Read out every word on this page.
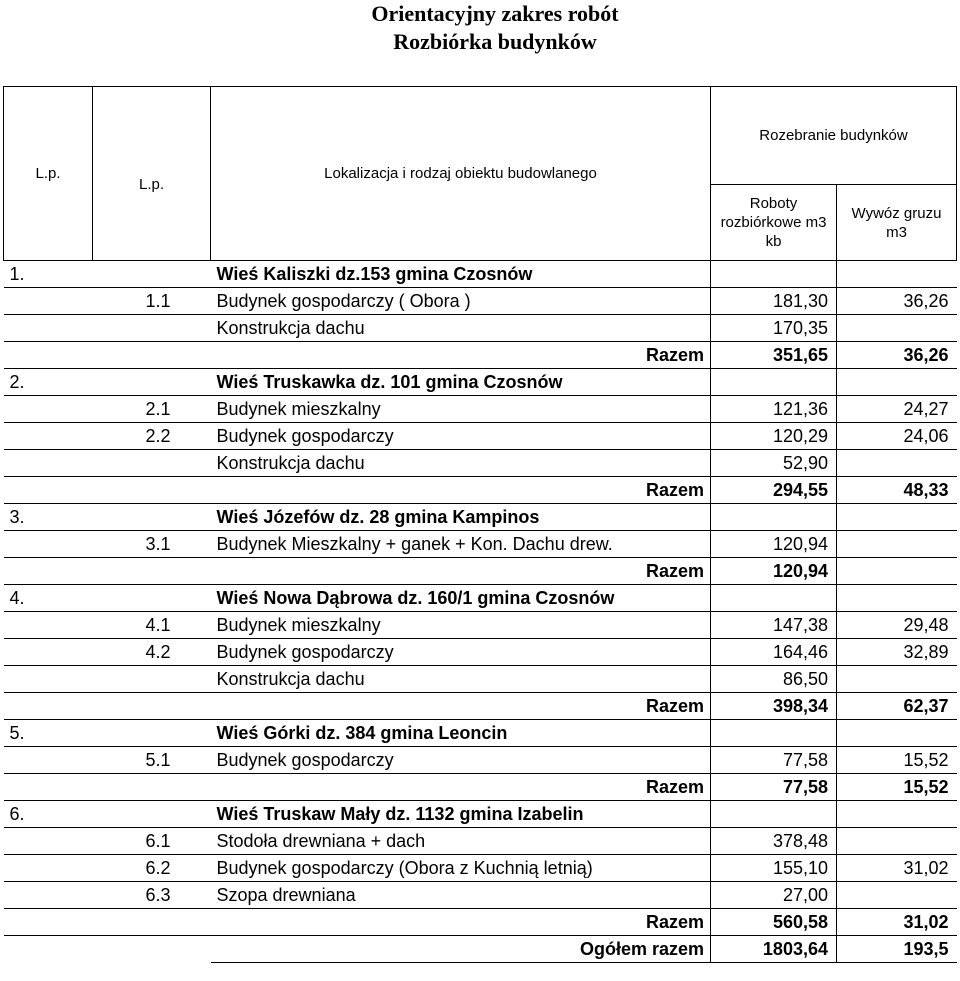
Orientacyjny zakres robót
Rozbiórka budynków
L.p.	L.p.	Lokalizacja i rodzaj obiektu budowlanego	Rozebranie budynków	
			Roboty rozbiórkowe m3 kb	Wywóz gruzu m3
1.		Wieś Kaliszki dz.153 gmina Czosnów		
	1.1	Budynek gospodarczy ( Obora )	181,30	36,26
		Konstrukcja dachu	170,35	
		Razem	351,65	36,26
2.		Wieś Truskawka dz. 101 gmina Czosnów		
	2.1	Budynek mieszkalny	121,36	24,27
	2.2	Budynek gospodarczy	120,29	24,06
		Konstrukcja dachu	52,90	
		Razem	294,55	48,33
3.		Wieś Józefów dz. 28 gmina Kampinos		
	3.1	Budynek Mieszkalny + ganek + Kon. Dachu drew.	120,94	
		Razem	120,94	
4.		Wieś Nowa Dąbrowa dz. 160/1 gmina Czosnów		
	4.1	Budynek mieszkalny	147,38	29,48
	4.2	Budynek gospodarczy	164,46	32,89
		Konstrukcja dachu	86,50	
		Razem	398,34	62,37
5.		Wieś Górki dz. 384 gmina Leoncin		
	5.1	Budynek gospodarczy	77,58	15,52
		Razem	77,58	15,52
6.		Wieś Truskaw Mały dz. 1132 gmina Izabelin		
	6.1	Stodoła drewniana + dach	378,48	
	6.2	Budynek gospodarczy (Obora z Kuchnią letnią)	155,10	31,02
	6.3	Szopa drewniana	27,00	
		Razem	560,58	31,02
		Ogółem razem	1803,64	193,5
